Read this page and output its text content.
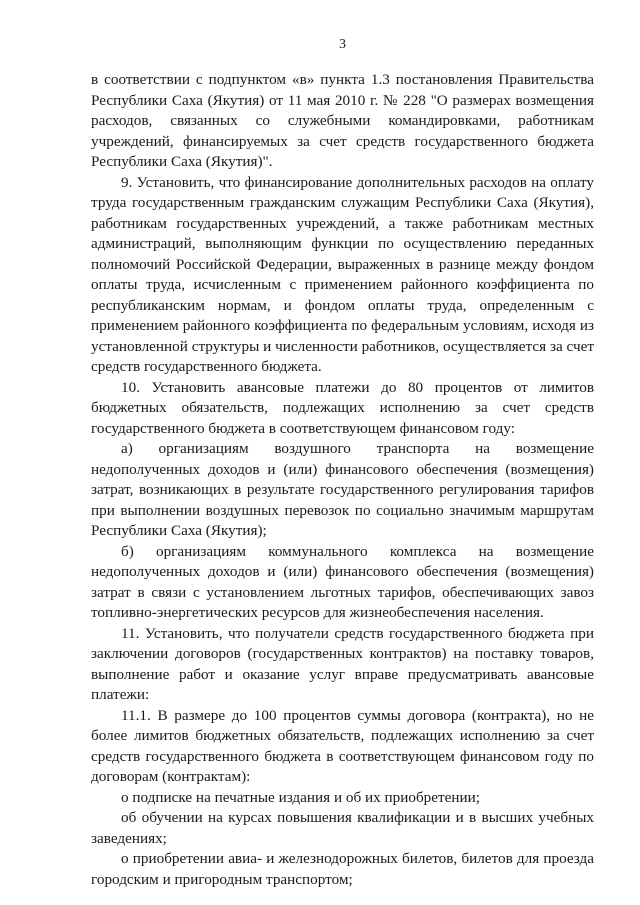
3

в соответствии с подпунктом «в» пункта 1.3 постановления Правительства Республики Саха (Якутия) от 11 мая 2010 г. № 228 "О размерах возмещения расходов, связанных со служебными командировками, работникам учреждений, финансируемых за счет средств государственного бюджета Республики Саха (Якутия)".

9. Установить, что финансирование дополнительных расходов на оплату труда государственным гражданским служащим Республики Саха (Якутия), работникам государственных учреждений, а также работникам местных администраций, выполняющим функции по осуществлению переданных полномочий Российской Федерации, выраженных в разнице между фондом оплаты труда, исчисленным с применением районного коэффициента по республиканским нормам, и фондом оплаты труда, определенным с применением районного коэффициента по федеральным условиям, исходя из установленной структуры и численности работников, осуществляется за счет средств государственного бюджета.

10. Установить авансовые платежи до 80 процентов от лимитов бюджетных обязательств, подлежащих исполнению за счет средств государственного бюджета в соответствующем финансовом году:

а) организациям воздушного транспорта на возмещение недополученных доходов и (или) финансового обеспечения (возмещения) затрат, возникающих в результате государственного регулирования тарифов при выполнении воздушных перевозок по социально значимым маршрутам Республики Саха (Якутия);

б) организациям коммунального комплекса на возмещение недополученных доходов и (или) финансового обеспечения (возмещения) затрат в связи с установлением льготных тарифов, обеспечивающих завоз топливно-энергетических ресурсов для жизнеобеспечения населения.

11. Установить, что получатели средств государственного бюджета при заключении договоров (государственных контрактов) на поставку товаров, выполнение работ и оказание услуг вправе предусматривать авансовые платежи:

11.1. В размере до 100 процентов суммы договора (контракта), но не более лимитов бюджетных обязательств, подлежащих исполнению за счет средств государственного бюджета в соответствующем финансовом году по договорам (контрактам):

о подписке на печатные издания и об их приобретении;

об обучении на курсах повышения квалификации и в высших учебных заведениях;

о приобретении авиа- и железнодорожных билетов, билетов для проезда городским и пригородным транспортом;
